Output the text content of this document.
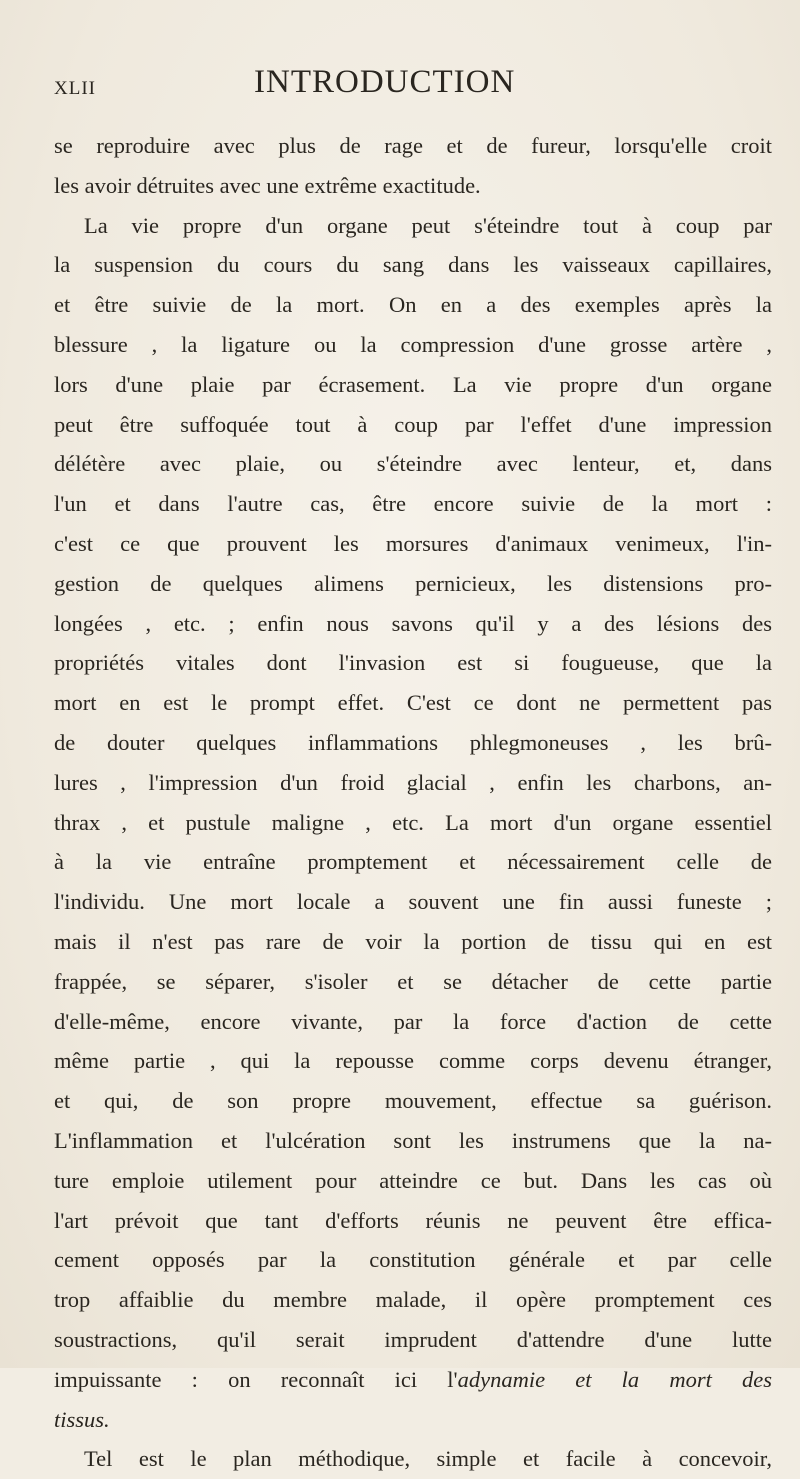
XLII	INTRODUCTION
se reproduire avec plus de rage et de fureur, lorsqu'elle croit
les avoir détruites avec une extrême exactitude.
La vie propre d'un organe peut s'éteindre tout à coup par
la suspension du cours du sang dans les vaisseaux capillaires,
et être suivie de la mort. On en a des exemples après la
blessure , la ligature ou la compression d'une grosse artère ,
lors d'une plaie par écrasement. La vie propre d'un organe
peut être suffoquée tout à coup par l'effet d'une impression
délétère avec plaie, ou s'éteindre avec lenteur, et, dans
l'un et dans l'autre cas, être encore suivie de la mort :
c'est ce que prouvent les morsures d'animaux venimeux, l'in-
gestion de quelques alimens pernicieux, les distensions pro-
longées , etc. ; enfin nous savons qu'il y a des lésions des
propriétés vitales dont l'invasion est si fougueuse, que la
mort en est le prompt effet. C'est ce dont ne permettent pas
de douter quelques inflammations phlegmoneuses , les brû-
lures , l'impression d'un froid glacial , enfin les charbons, an-
thrax , et pustule maligne , etc. La mort d'un organe essentiel
à la vie entraîne promptement et nécessairement celle de
l'individu. Une mort locale a souvent une fin aussi funeste ;
mais il n'est pas rare de voir la portion de tissu qui en est
frappée, se séparer, s'isoler et se détacher de cette partie
d'elle-même, encore vivante, par la force d'action de cette
même partie , qui la repousse comme corps devenu étranger,
et qui, de son propre mouvement, effectue sa guérison.
L'inflammation et l'ulcération sont les instrumens que la na-
ture emploie utilement pour atteindre ce but. Dans les cas où
l'art prévoit que tant d'efforts réunis ne peuvent être effica-
cement opposés par la constitution générale et par celle
trop affaiblie du membre malade, il opère promptement ces
soustractions, qu'il serait imprudent d'attendre d'une lutte
impuissante : on reconnaît ici l'adynamie et la mort des
tissus.
Tel est le plan méthodique, simple et facile à concevoir,
